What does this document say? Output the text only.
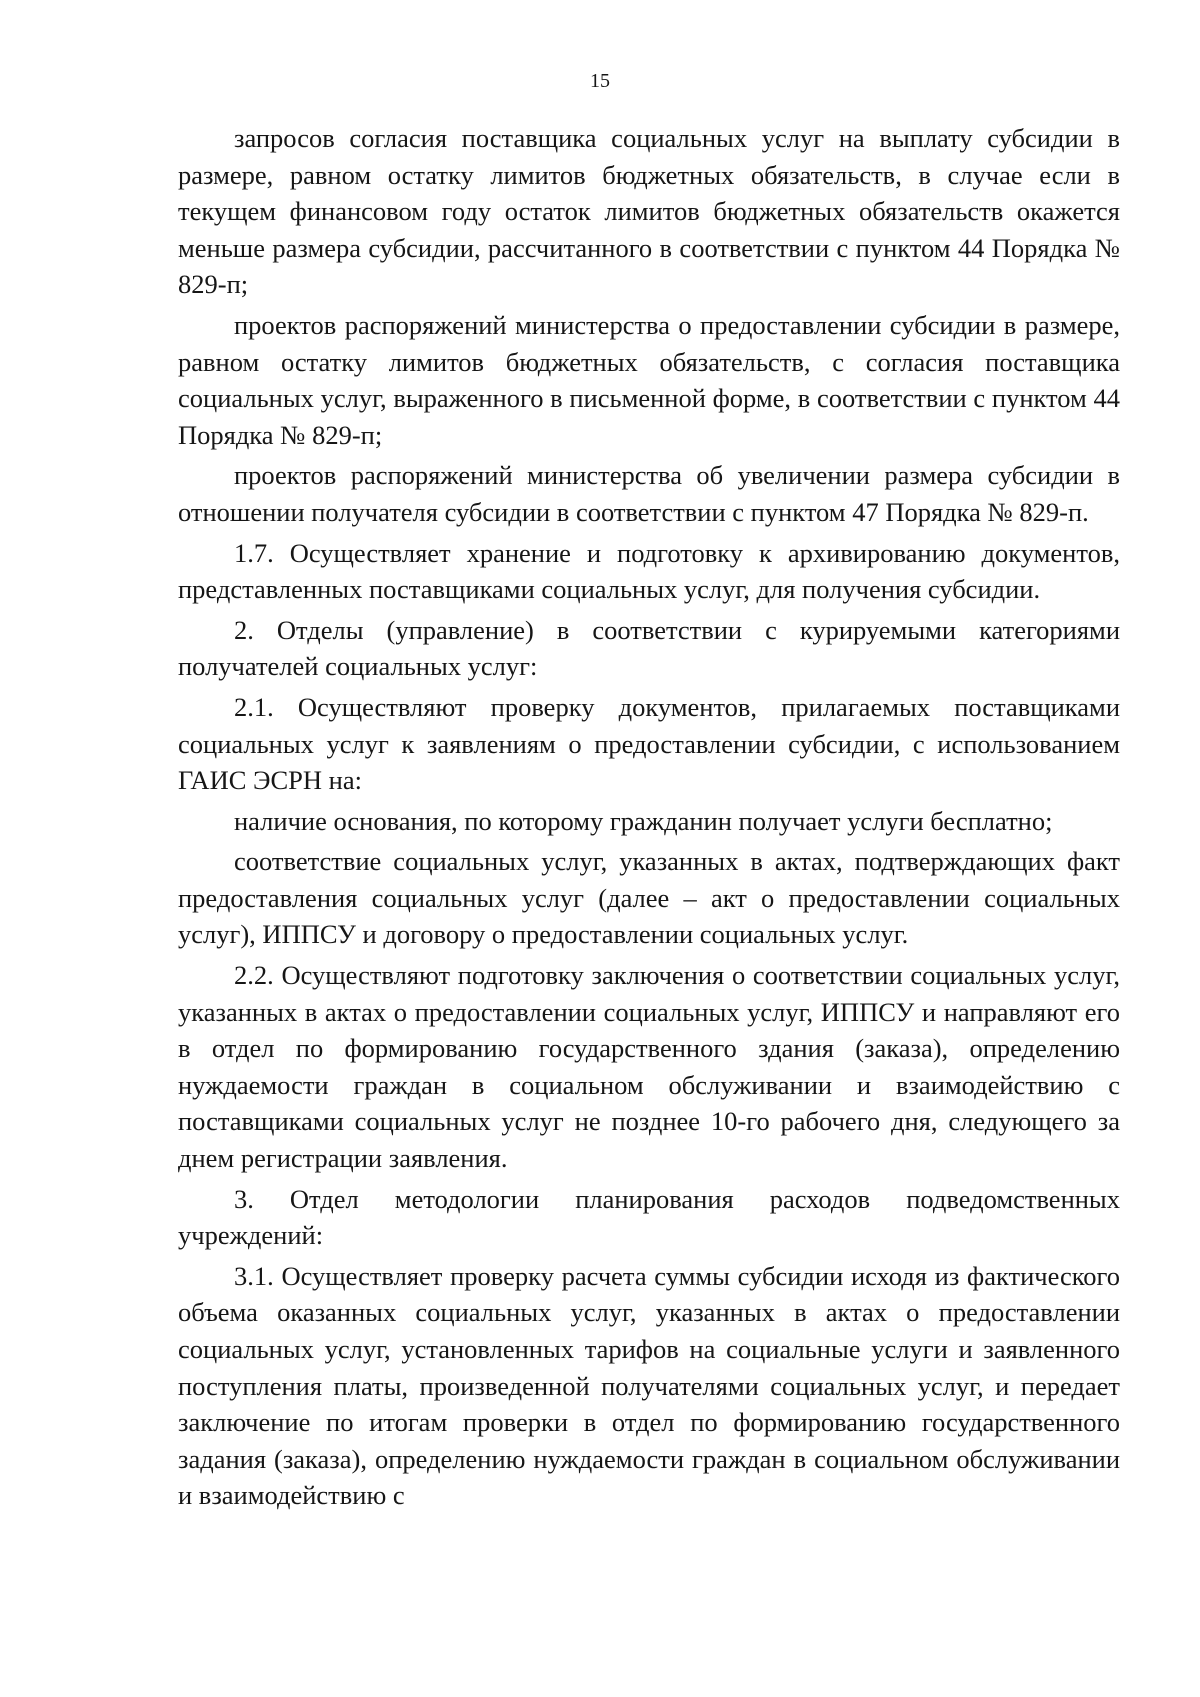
15

запросов согласия поставщика социальных услуг на выплату субсидии в размере, равном остатку лимитов бюджетных обязательств, в случае если в текущем финансовом году остаток лимитов бюджетных обязательств окажется меньше размера субсидии, рассчитанного в соответствии с пунктом 44 Порядка № 829-п;

проектов распоряжений министерства о предоставлении субсидии в размере, равном остатку лимитов бюджетных обязательств, с согласия поставщика социальных услуг, выраженного в письменной форме, в соответствии с пунктом 44 Порядка № 829-п;

проектов распоряжений министерства об увеличении размера субсидии в отношении получателя субсидии в соответствии с пунктом 47 Порядка № 829-п.

1.7. Осуществляет хранение и подготовку к архивированию документов, представленных поставщиками социальных услуг, для получения субсидии.

2. Отделы (управление) в соответствии с курируемыми категориями получателей социальных услуг:

2.1. Осуществляют проверку документов, прилагаемых поставщиками социальных услуг к заявлениям о предоставлении субсидии, с использованием ГАИС ЭСРН на:

наличие основания, по которому гражданин получает услуги бесплатно;

соответствие социальных услуг, указанных в актах, подтверждающих факт предоставления социальных услуг (далее – акт о предоставлении социальных услуг), ИППСУ и договору о предоставлении социальных услуг.

2.2. Осуществляют подготовку заключения о соответствии социальных услуг, указанных в актах о предоставлении социальных услуг, ИППСУ и направляют его в отдел по формированию государственного здания (заказа), определению нуждаемости граждан в социальном обслуживании и взаимодействию с поставщиками социальных услуг не позднее 10-го рабочего дня, следующего за днем регистрации заявления.

3. Отдел методологии планирования расходов подведомственных учреждений:

3.1. Осуществляет проверку расчета суммы субсидии исходя из фактического объема оказанных социальных услуг, указанных в актах о предоставлении социальных услуг, установленных тарифов на социальные услуги и заявленного поступления платы, произведенной получателями социальных услуг, и передает заключение по итогам проверки в отдел по формированию государственного задания (заказа), определению нуждаемости граждан в социальном обслуживании и взаимодействию с
